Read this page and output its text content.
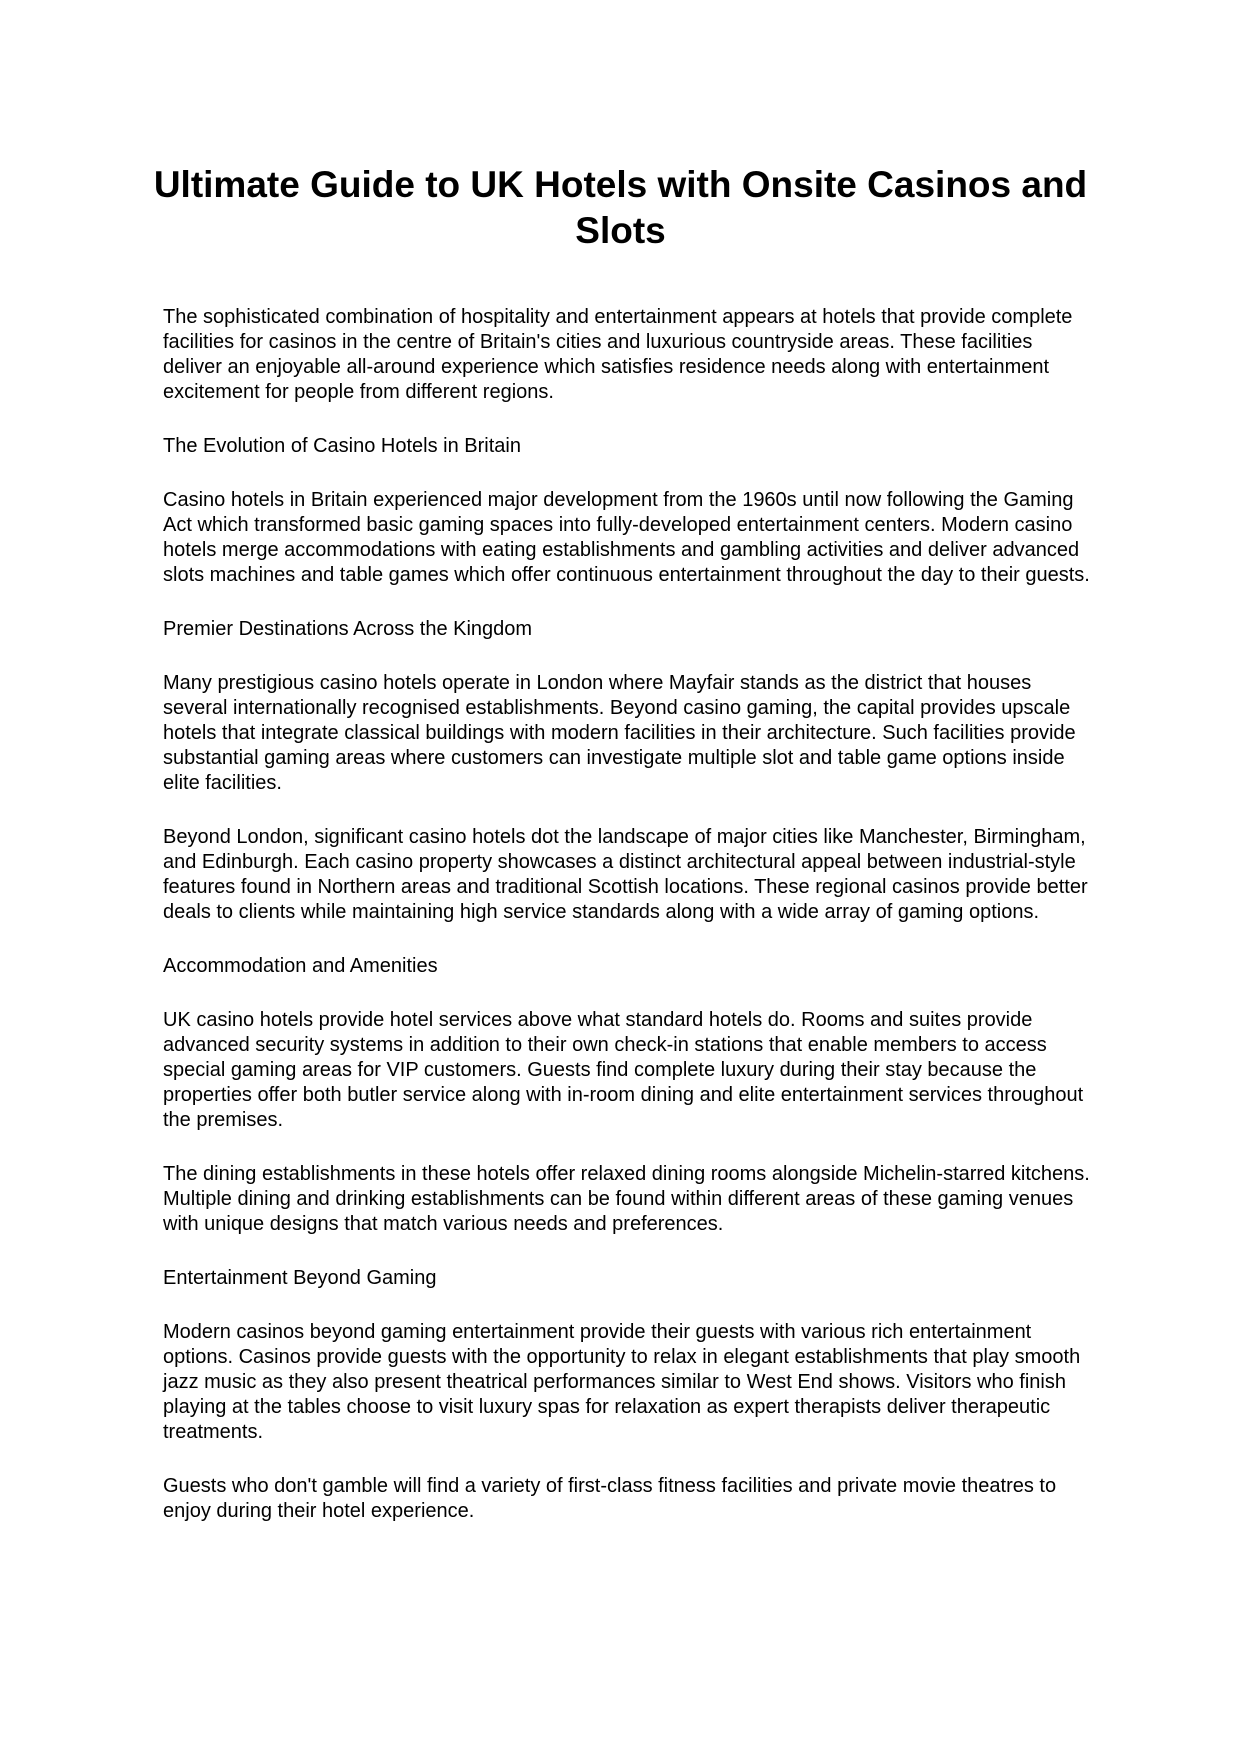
Ultimate Guide to UK Hotels with Onsite Casinos and Slots

The sophisticated combination of hospitality and entertainment appears at hotels that provide complete facilities for casinos in the centre of Britain's cities and luxurious countryside areas. These facilities deliver an enjoyable all-around experience which satisfies residence needs along with entertainment excitement for people from different regions.

The Evolution of Casino Hotels in Britain

Casino hotels in Britain experienced major development from the 1960s until now following the Gaming Act which transformed basic gaming spaces into fully-developed entertainment centers. Modern casino hotels merge accommodations with eating establishments and gambling activities and deliver advanced slots machines and table games which offer continuous entertainment throughout the day to their guests.

Premier Destinations Across the Kingdom

Many prestigious casino hotels operate in London where Mayfair stands as the district that houses several internationally recognised establishments. Beyond casino gaming, the capital provides upscale hotels that integrate classical buildings with modern facilities in their architecture. Such facilities provide substantial gaming areas where customers can investigate multiple slot and table game options inside elite facilities.

Beyond London, significant casino hotels dot the landscape of major cities like Manchester, Birmingham, and Edinburgh. Each casino property showcases a distinct architectural appeal between industrial-style features found in Northern areas and traditional Scottish locations. These regional casinos provide better deals to clients while maintaining high service standards along with a wide array of gaming options.

Accommodation and Amenities

UK casino hotels provide hotel services above what standard hotels do. Rooms and suites provide advanced security systems in addition to their own check-in stations that enable members to access special gaming areas for VIP customers. Guests find complete luxury during their stay because the properties offer both butler service along with in-room dining and elite entertainment services throughout the premises.

The dining establishments in these hotels offer relaxed dining rooms alongside Michelin-starred kitchens. Multiple dining and drinking establishments can be found within different areas of these gaming venues with unique designs that match various needs and preferences.

Entertainment Beyond Gaming

Modern casinos beyond gaming entertainment provide their guests with various rich entertainment options. Casinos provide guests with the opportunity to relax in elegant establishments that play smooth jazz music as they also present theatrical performances similar to West End shows. Visitors who finish playing at the tables choose to visit luxury spas for relaxation as expert therapists deliver therapeutic treatments.

Guests who don't gamble will find a variety of first-class fitness facilities and private movie theatres to enjoy during their hotel experience.
